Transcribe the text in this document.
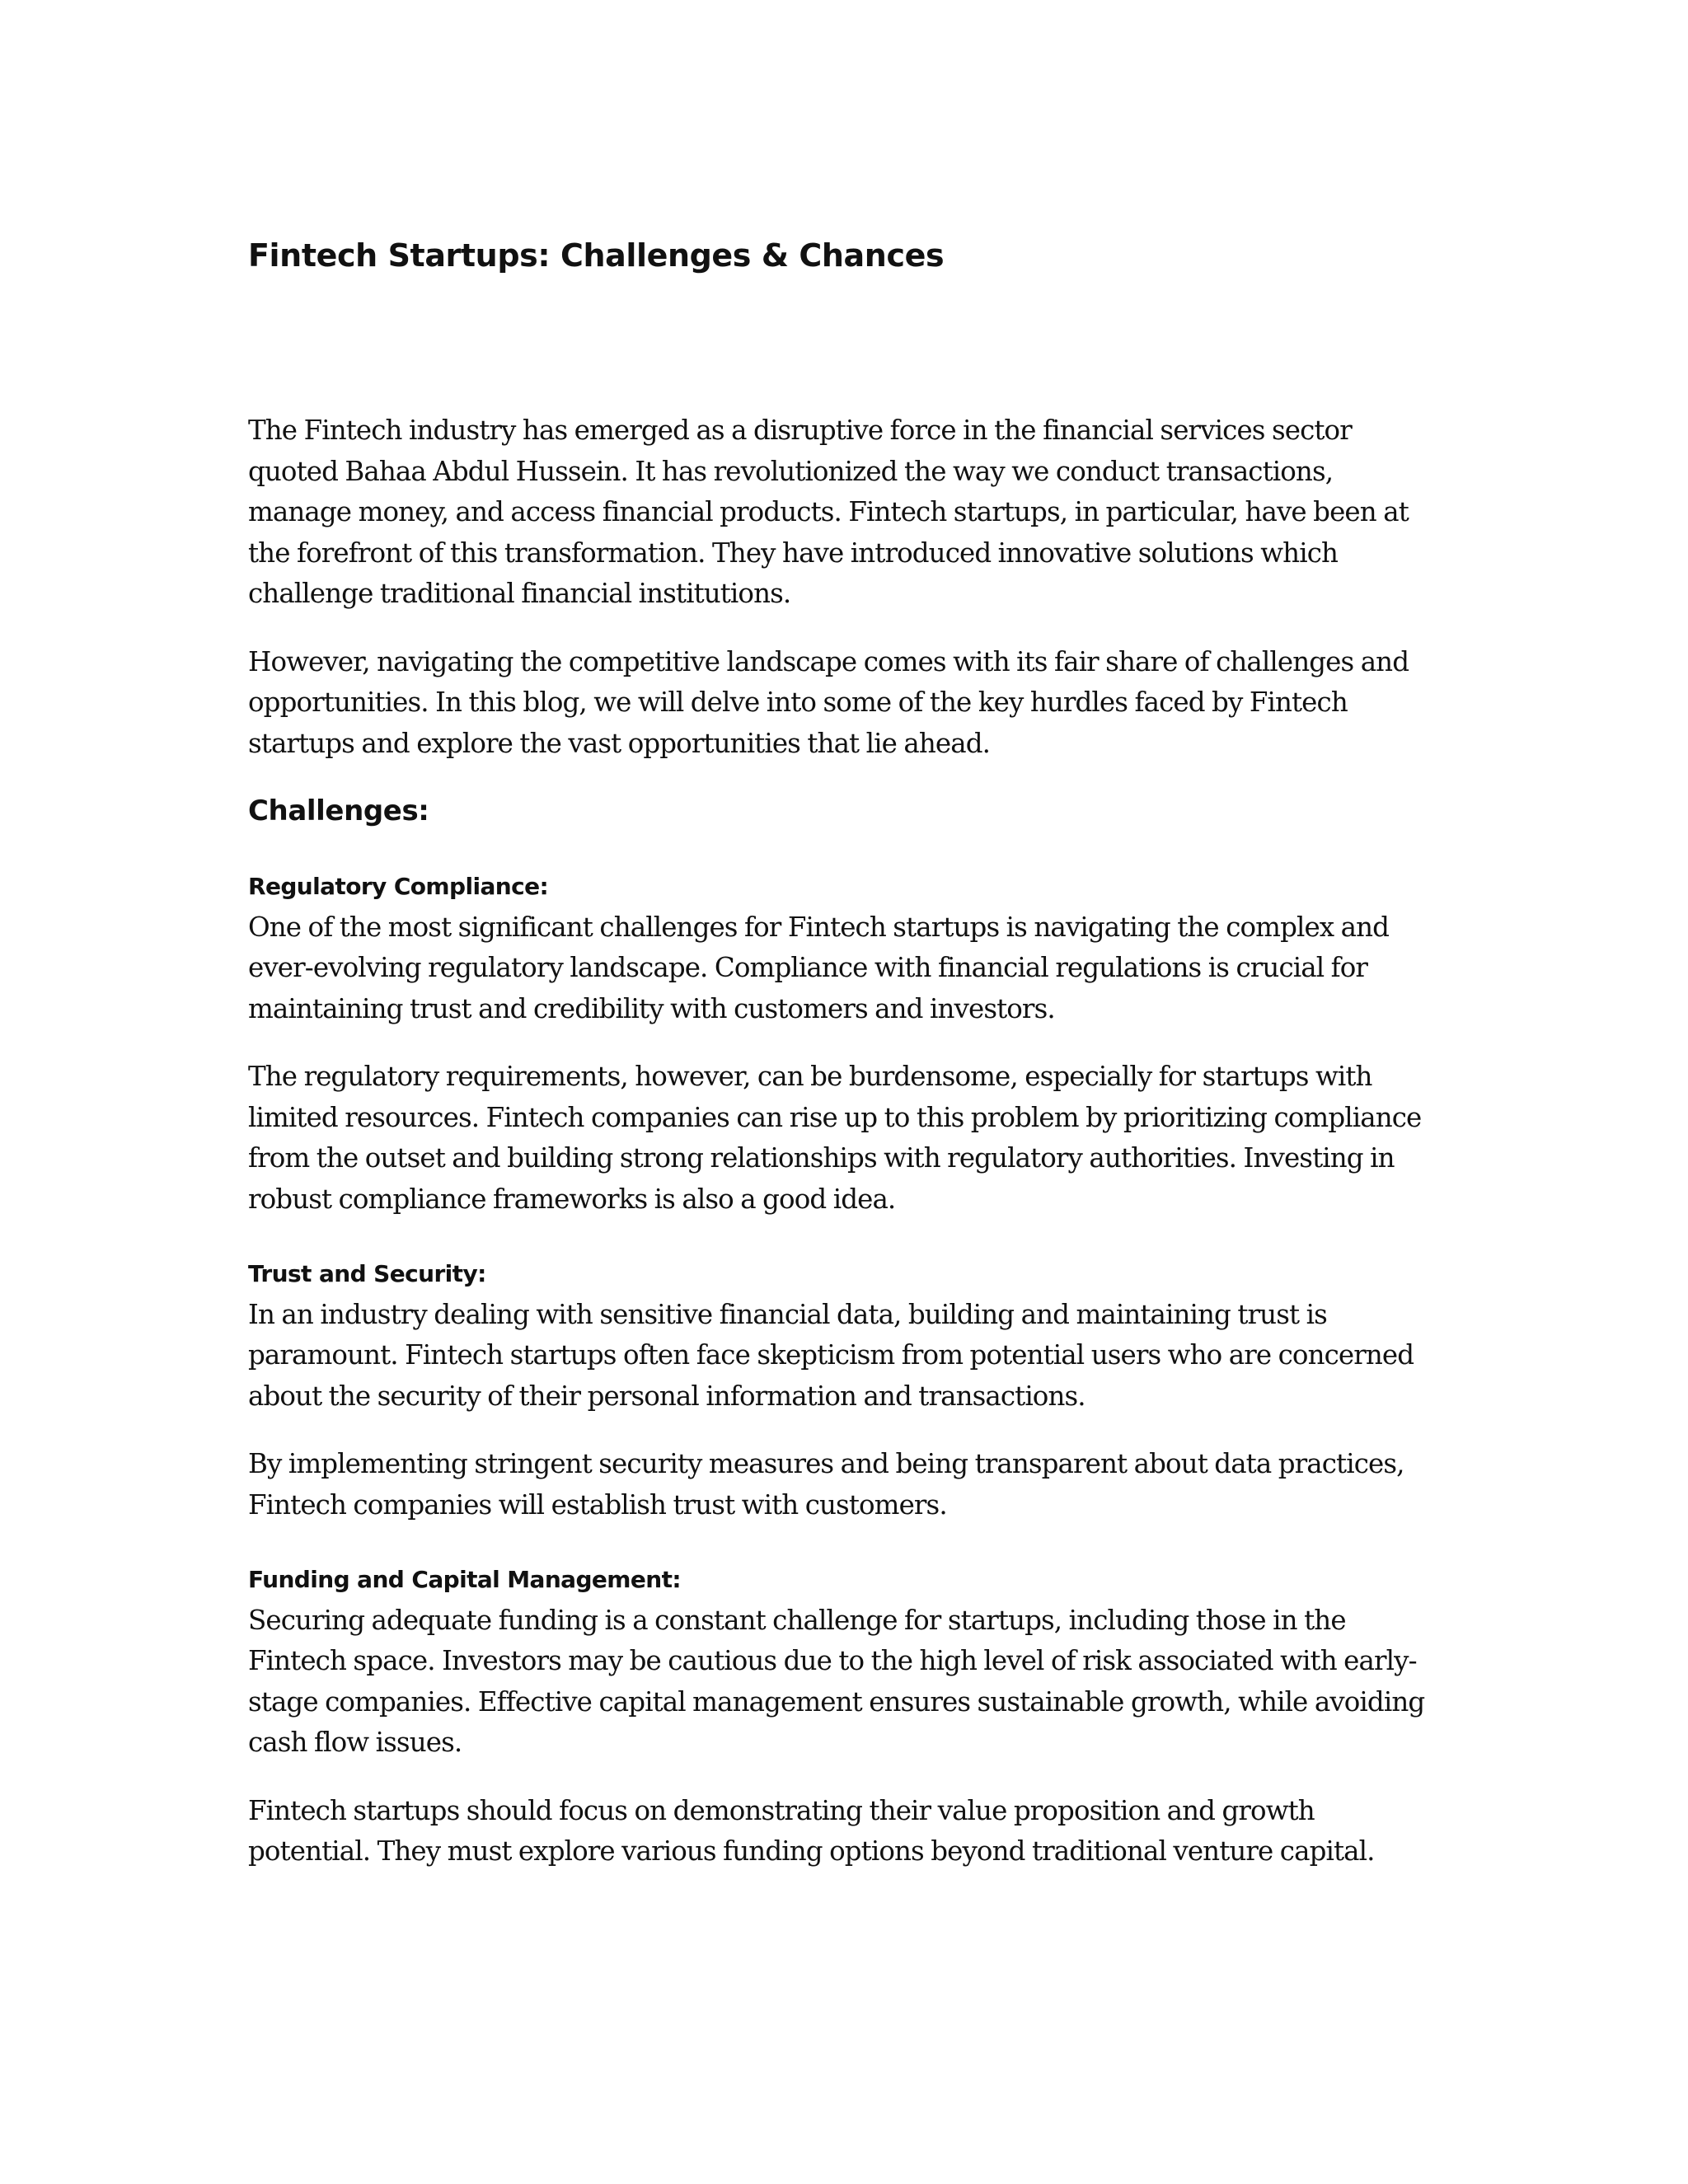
Fintech Startups: Challenges & Chances

The Fintech industry has emerged as a disruptive force in the financial services sector
quoted Bahaa Abdul Hussein. It has revolutionized the way we conduct transactions,
manage money, and access financial products. Fintech startups, in particular, have been at
the forefront of this transformation. They have introduced innovative solutions which
challenge traditional financial institutions.

However, navigating the competitive landscape comes with its fair share of challenges and
opportunities. In this blog, we will delve into some of the key hurdles faced by Fintech
startups and explore the vast opportunities that lie ahead.

Challenges:
Regulatory Compliance:

One of the most significant challenges for Fintech startups is navigating the complex and
ever-evolving regulatory landscape. Compliance with financial regulations is crucial for
maintaining trust and credibility with customers and investors.

The regulatory requirements, however, can be burdensome, especially for startups with
limited resources. Fintech companies can rise up to this problem by prioritizing compliance
from the outset and building strong relationships with regulatory authorities. Investing in
robust compliance frameworks is also a good idea.

Trust and Security:

In an industry dealing with sensitive financial data, building and maintaining trust is
paramount. Fintech startups often face skepticism from potential users who are concerned
about the security of their personal information and transactions.

By implementing stringent security measures and being transparent about data practices,
Fintech companies will establish trust with customers.

Funding and Capital Management:

Securing adequate funding is a constant challenge for startups, including those in the
Fintech space. Investors may be cautious due to the high level of risk associated with early-
stage companies. Effective capital management ensures sustainable growth, while avoiding
cash flow issues.

Fintech startups should focus on demonstrating their value proposition and growth
potential. They must explore various funding options beyond traditional venture capital.
